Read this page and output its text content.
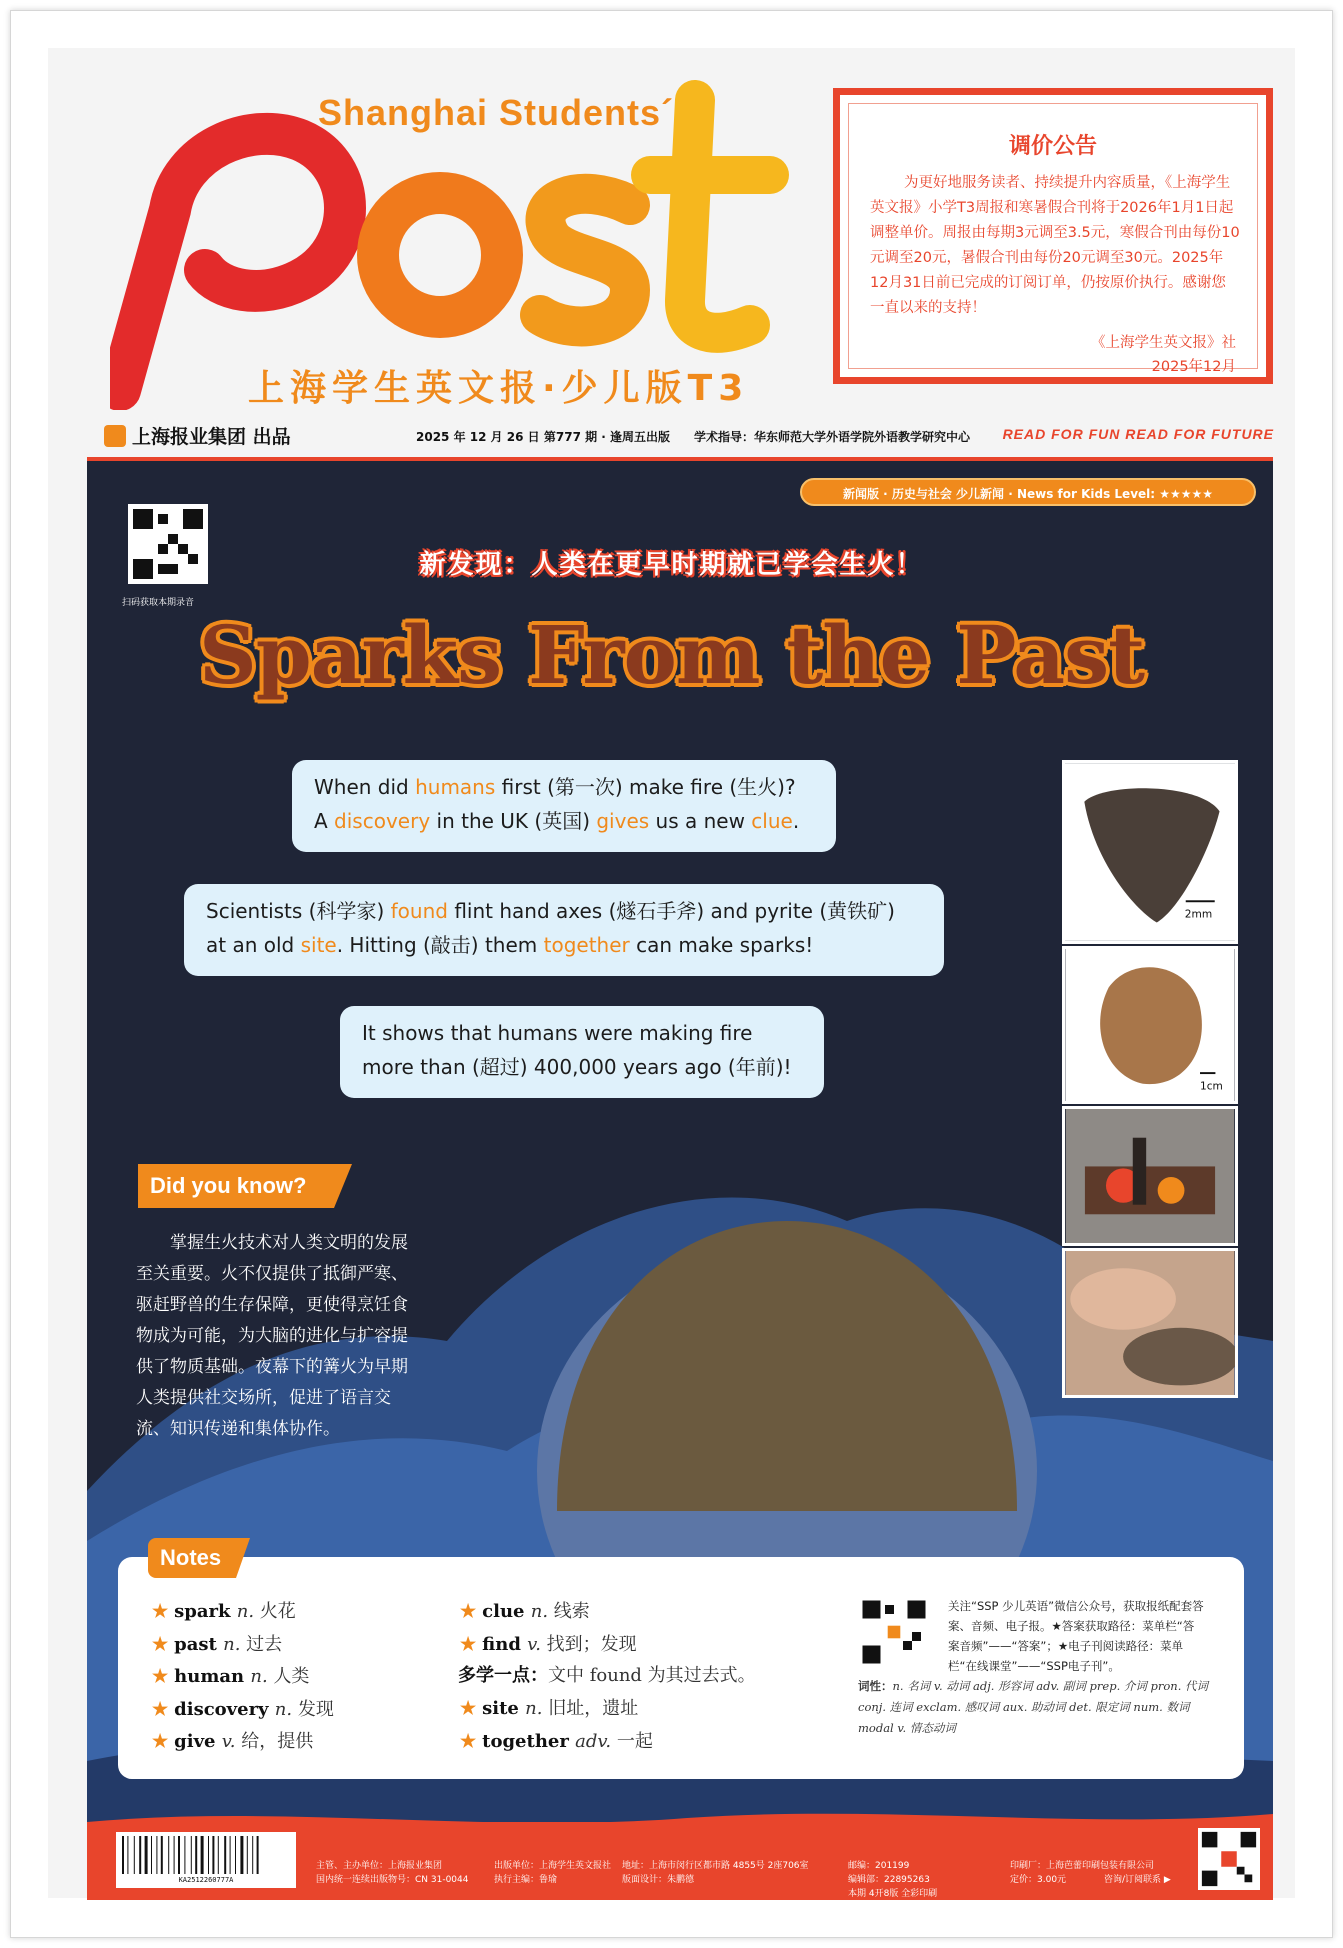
Shanghai Students´
上海学生英文报·少儿版T3
调价公告

为更好地服务读者、持续提升内容质量，《上海学生英文报》小学T3周报和寒暑假合刊将于2026年1月1日起调整单价。周报由每期3元调至3.5元，寒假合刊由每份10元调至20元，暑假合刊由每份20元调至30元。2025年12月31日前已完成的订阅订单，仍按原价执行。感谢您一直以来的支持！

《上海学生英文报》社
2025年12月
上海报业集团 出品	2025 年 12 月 26 日 第777 期 · 逢周五出版 学术指导：华东师范大学外语学院外语教学研究中心 READ FOR FUN READ FOR FUTURE
新闻版 · 历史与社会 少儿新闻 · News for Kids Level: ★★★★★
扫码获取本期录音
新发现：人类在更早时期就已学会生火！
Sparks From the Past
When did humans first (第一次) make fire (生火)?
A discovery in the UK (英国) gives us a new clue.
Scientists (科学家) found flint hand axes (燧石手斧) and pyrite (黄铁矿)
at an old site. Hitting (敲击) them together can make sparks!
It shows that humans were making fire
more than (超过) 400,000 years ago (年前)!
2mm
1cm
Did you know?
掌握生火技术对人类文明的发展至关重要。火不仅提供了抵御严寒、驱赶野兽的生存保障，更使得烹饪食物成为可能，为大脑的进化与扩容提供了物质基础。夜幕下的篝火为早期人类提供社交场所，促进了语言交流、知识传递和集体协作。
Notes
★ spark n. 火花
★ past n. 过去
★ human n. 人类
★ discovery n. 发现
★ give v. 给，提供
★ clue n. 线索
★ find v. 找到；发现
多学一点：文中 found 为其过去式。
★ site n. 旧址，遗址
★ together adv. 一起
关注“SSP 少儿英语”微信公众号，获取报纸配套答案、音频、电子报。★答案获取路径：菜单栏“答案音频”——“答案”；★电子刊阅读路径：菜单栏“在线课堂”——“SSP电子刊”。
词性：n. 名词 v. 动词 adj. 形容词 adv. 副词 prep. 介词 pron. 代词 conj. 连词 exclam. 感叹词 aux. 助动词 det. 限定词 num. 数词 modal v. 情态动词
KA2512260777A
主管、主办单位：上海报业集团
国内统一连续出版物号：CN 31-0044
出版单位：上海学生英文报社
执行主编：鲁瑜
地址：上海市闵行区都市路 4855号 2座706室
版面设计：朱鹏德
邮编：201199
编辑部：22895263
本期 4开8版 全彩印刷
印刷厂：上海芭蕾印刷包装有限公司
定价：3.00元	咨询/订阅联系 ▶
